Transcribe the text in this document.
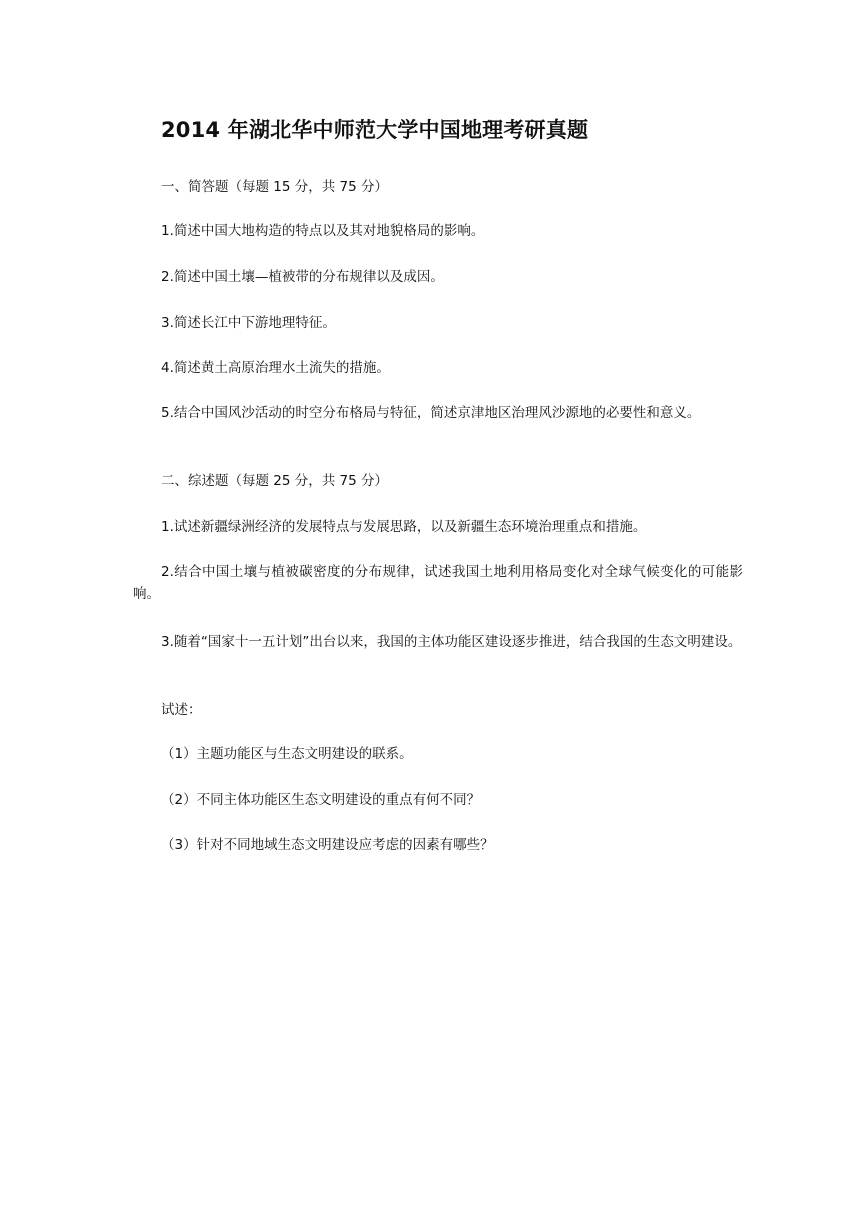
2014 年湖北华中师范大学中国地理考研真题
一、简答题（每题 15 分，共 75 分）
1.简述中国大地构造的特点以及其对地貌格局的影响。
2.简述中国土壤—植被带的分布规律以及成因。
3.简述长江中下游地理特征。
4.简述黄土高原治理水土流失的措施。
5.结合中国风沙活动的时空分布格局与特征，简述京津地区治理风沙源地的必要性和意义。
二、综述题（每题 25 分，共 75 分）
1.试述新疆绿洲经济的发展特点与发展思路，以及新疆生态环境治理重点和措施。
2.结合中国土壤与植被碳密度的分布规律，试述我国土地利用格局变化对全球气候变化的可能影响。
3.随着“国家十一五计划”出台以来，我国的主体功能区建设逐步推进，结合我国的生态文明建设。
试述：
（1）主题功能区与生态文明建设的联系。
（2）不同主体功能区生态文明建设的重点有何不同？
（3）针对不同地域生态文明建设应考虑的因素有哪些？
